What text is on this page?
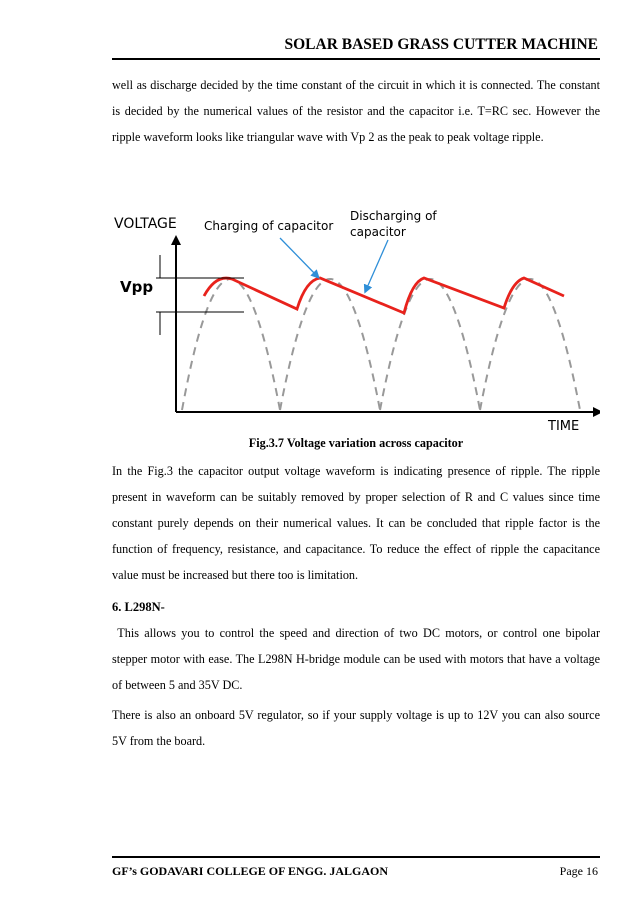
SOLAR BASED GRASS CUTTER MACHINE
well as discharge decided by the time constant of the circuit in which it is connected. The constant is decided by the numerical values of the resistor and the capacitor i.e. T=RC sec. However the ripple waveform looks like triangular wave with Vp 2 as the peak to peak voltage ripple.
VOLTAGE
TIME
Vpp
Charging of capacitor
Discharging of
capacitor
Fig.3.7 Voltage variation across capacitor
In the Fig.3 the capacitor output voltage waveform is indicating presence of ripple. The ripple present in waveform can be suitably removed by proper selection of R and C values since time constant purely depends on their numerical values. It can be concluded that ripple factor is the function of frequency, resistance, and capacitance. To reduce the effect of ripple the capacitance value must be increased but there too is limitation.
6. L298N-
This allows you to control the speed and direction of two DC motors, or control one bipolar stepper motor with ease. The L298N H-bridge module can be used with motors that have a voltage of between 5 and 35V DC.
There is also an onboard 5V regulator, so if your supply voltage is up to 12V you can also source 5V from the board.
GF’s GODAVARI COLLEGE OF ENGG. JALGAON	Page 16
